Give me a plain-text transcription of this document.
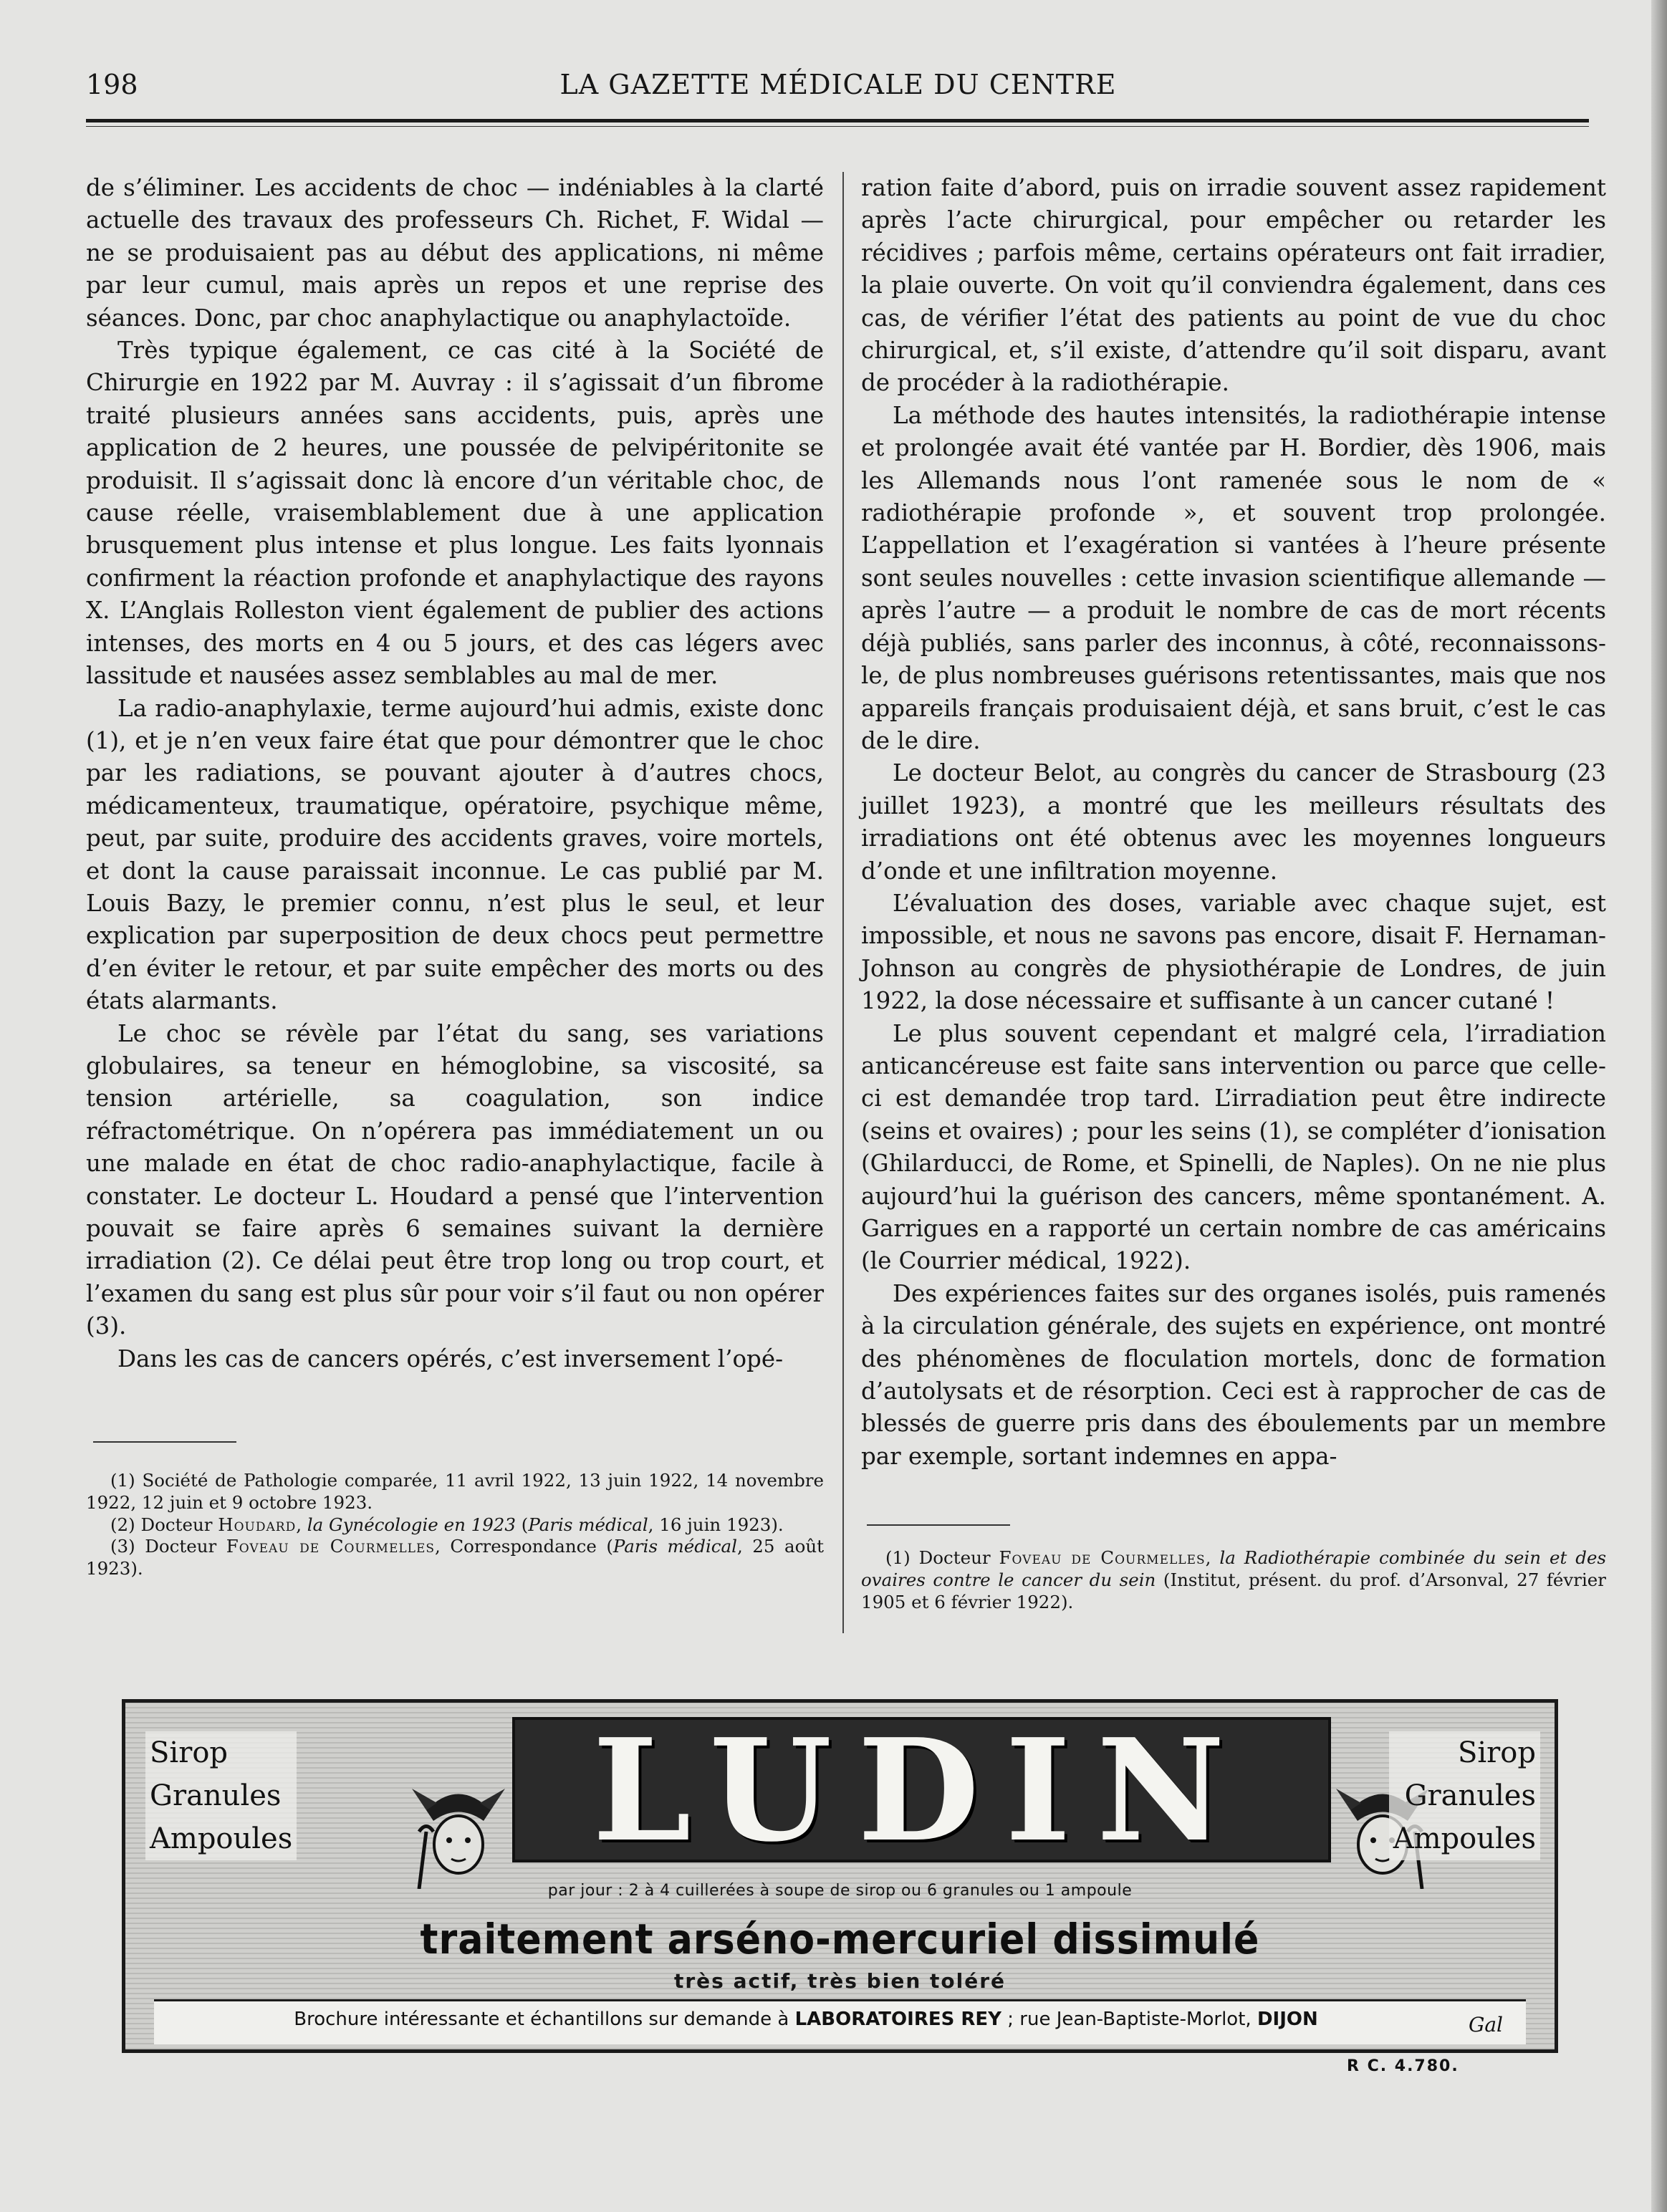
198	LA GAZETTE MÉDICALE DU CENTRE

de s’éliminer. Les accidents de choc — indéniables à la clarté actuelle des travaux des professeurs Ch. Richet, F. Widal — ne se produisaient pas au début des applications, ni même par leur cumul, mais après un repos et une reprise des séances. Donc, par choc anaphylactique ou anaphylactoïde.

Très typique également, ce cas cité à la Société de Chirurgie en 1922 par M. Auvray : il s’agissait d’un fibrome traité plusieurs années sans accidents, puis, après une application de 2 heures, une poussée de pelvipéritonite se produisit. Il s’agissait donc là encore d’un véritable choc, de cause réelle, vraisemblablement due à une application brusquement plus intense et plus longue. Les faits lyonnais confirment la réaction profonde et anaphylactique des rayons X. L’Anglais Rolleston vient également de publier des actions intenses, des morts en 4 ou 5 jours, et des cas légers avec lassitude et nausées assez semblables au mal de mer.

La radio-anaphylaxie, terme aujourd’hui admis, existe donc (1), et je n’en veux faire état que pour démontrer que le choc par les radiations, se pouvant ajouter à d’autres chocs, médicamenteux, traumatique, opératoire, psychique même, peut, par suite, produire des accidents graves, voire mortels, et dont la cause paraissait inconnue. Le cas publié par M. Louis Bazy, le premier connu, n’est plus le seul, et leur explication par superposition de deux chocs peut permettre d’en éviter le retour, et par suite empêcher des morts ou des états alarmants.

Le choc se révèle par l’état du sang, ses variations globulaires, sa teneur en hémoglobine, sa viscosité, sa tension artérielle, sa coagulation, son indice réfractométrique. On n’opérera pas immédiatement un ou une malade en état de choc radio-anaphylactique, facile à constater. Le docteur L. Houdard a pensé que l’intervention pouvait se faire après 6 semaines suivant la dernière irradiation (2). Ce délai peut être trop long ou trop court, et l’examen du sang est plus sûr pour voir s’il faut ou non opérer (3).

Dans les cas de cancers opérés, c’est inversement l’opé-

ration faite d’abord, puis on irradie souvent assez rapidement après l’acte chirurgical, pour empêcher ou retarder les récidives ; parfois même, certains opérateurs ont fait irradier, la plaie ouverte. On voit qu’il conviendra également, dans ces cas, de vérifier l’état des patients au point de vue du choc chirurgical, et, s’il existe, d’attendre qu’il soit disparu, avant de procéder à la radiothérapie.

La méthode des hautes intensités, la radiothérapie intense et prolongée avait été vantée par H. Bordier, dès 1906, mais les Allemands nous l’ont ramenée sous le nom de « radiothérapie profonde », et souvent trop prolongée. L’appellation et l’exagération si vantées à l’heure présente sont seules nouvelles : cette invasion scientifique allemande — après l’autre — a produit le nombre de cas de mort récents déjà publiés, sans parler des inconnus, à côté, reconnaissons-le, de plus nombreuses guérisons retentissantes, mais que nos appareils français produisaient déjà, et sans bruit, c’est le cas de le dire.

Le docteur Belot, au congrès du cancer de Strasbourg (23 juillet 1923), a montré que les meilleurs résultats des irradiations ont été obtenus avec les moyennes longueurs d’onde et une infiltration moyenne.

L’évaluation des doses, variable avec chaque sujet, est impossible, et nous ne savons pas encore, disait F. Hernaman-Johnson au congrès de physiothérapie de Londres, de juin 1922, la dose nécessaire et suffisante à un cancer cutané !

Le plus souvent cependant et malgré cela, l’irradiation anticancéreuse est faite sans intervention ou parce que celle-ci est demandée trop tard. L’irradiation peut être indirecte (seins et ovaires) ; pour les seins (1), se compléter d’ionisation (Ghilarducci, de Rome, et Spinelli, de Naples). On ne nie plus aujourd’hui la guérison des cancers, même spontanément. A. Garrigues en a rapporté un certain nombre de cas américains (le Courrier médical, 1922).

Des expériences faites sur des organes isolés, puis ramenés à la circulation générale, des sujets en expérience, ont montré des phénomènes de floculation mortels, donc de formation d’autolysats et de résorption. Ceci est à rapprocher de cas de blessés de guerre pris dans des éboulements par un membre par exemple, sortant indemnes en appa-

(1) Société de Pathologie comparée, 11 avril 1922, 13 juin 1922, 14 novembre 1922, 12 juin et 9 octobre 1923.

(2) Docteur Houdard, la Gynécologie en 1923 (Paris médical, 16 juin 1923).

(3) Docteur Foveau de Courmelles, Correspondance (Paris médical, 25 août 1923).

(1) Docteur Foveau de Courmelles, la Radiothérapie combinée du sein et des ovaires contre le cancer du sein (Institut, présent. du prof. d’Arsonval, 27 février 1905 et 6 février 1922).

Sirop
Granules
Ampoules	LUDIN	Sirop
Granules
Ampoules
par jour : 2 à 4 cuillerées à soupe de sirop ou 6 granules ou 1 ampoule
traitement arséno-mercuriel dissimulé
très actif, très bien toléré
Brochure intéressante et échantillons sur demande à LABORATOIRES REY ; rue Jean-Baptiste-Morlot, DIJON	Gal
R C. 4.780.
